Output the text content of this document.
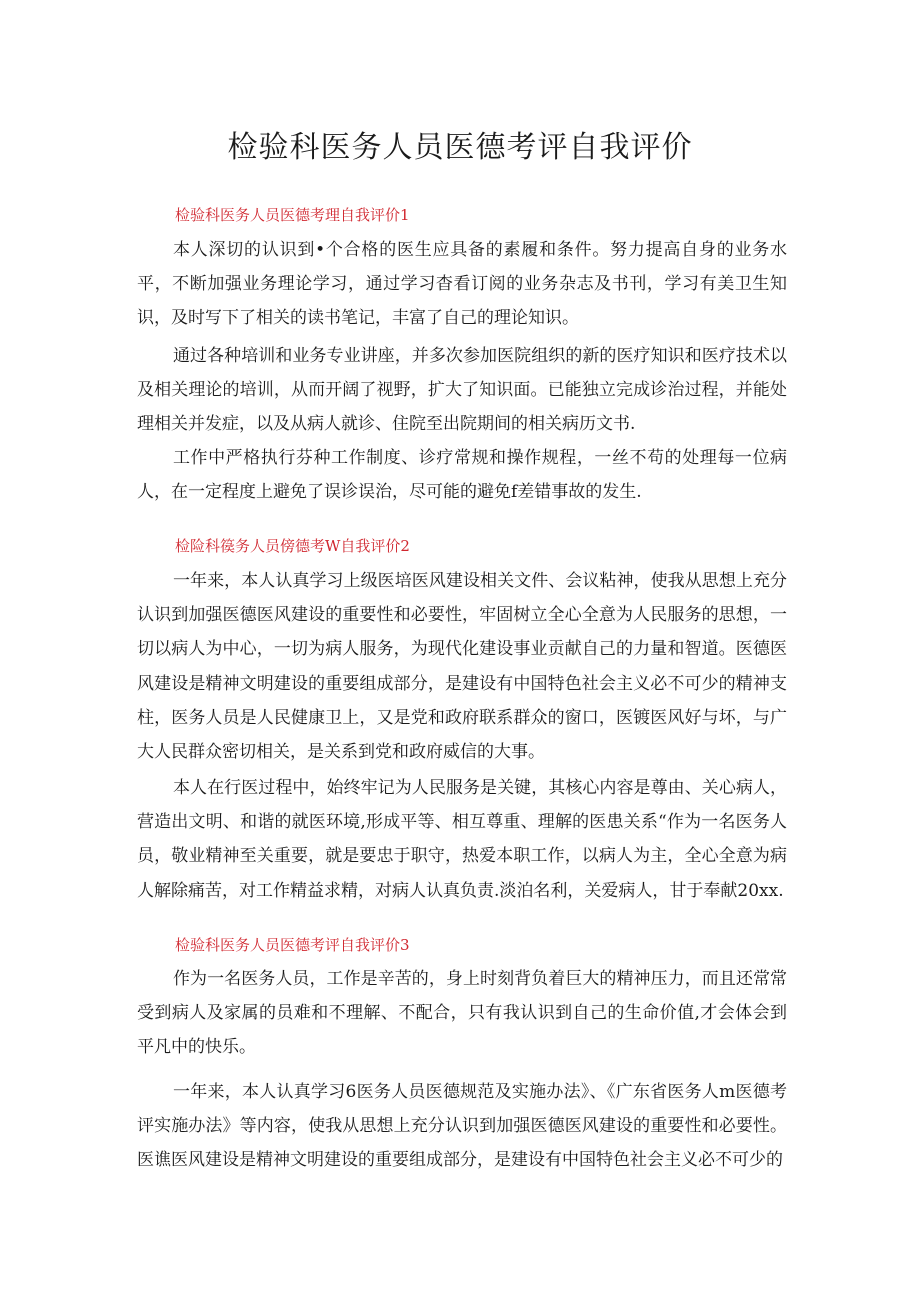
检验科医务人员医德考评自我评价

检验科医务人员医德考理自我评价1

本人深切的认识到•个合格的医生应具备的素履和条件。努力提高自身的业务水平，不断加强业务理论学习，通过学习杳看订阅的业务杂志及书刊，学习有美卫生知识，及时写下了相关的读书笔记，丰富了自己的理论知识。

通过各种培训和业务专业讲座，并多次参加医院组织的新的医疗知识和医疗技术以及相关理论的培训，从而开阔了视野，扩大了知识面。已能独立完成诊治过程，并能处理相关并发症，以及从病人就诊、住院至出院期间的相关病历文书.

工作中严格执行芬种工作制度、诊疗常规和操作规程，一丝不苟的处理每一位病人，在一定程度上避免了误诊误治，尽可能的避免f差错事故的发生.

检险科篌务人员傍德考W自我评价2

一年来，本人认真学习上级医培医风建设相关文件、会议粘神，使我从思想上充分认识到加强医德医风建设的重要性和必要性，牢固树立全心全意为人民服务的思想，一切以病人为中心，一切为病人服务，为现代化建设事业贡献自己的力量和智道。医德医风建设是精神文明建设的重要组成部分，是建设有中国特色社会主义必不可少的精神支柱，医务人员是人民健康卫上，又是党和政府联系群众的窗口，医镀医风好与坏，与广大人民群众密切相关，是关系到党和政府威信的大事。

本人在行医过程中，始终牢记为人民服务是关键，其核心内容是尊由、关心病人，营造出文明、和谐的就医环境,形成平等、相互尊重、理解的医患关系“作为一名医务人员，敬业精神至关重要，就是要忠于职守，热爱本职工作，以病人为主，全心全意为病人解除痛苦，对工作精益求精，对病人认真负责.淡泊名利，关爱病人，甘于奉献20xx.

检验科医务人员医德考评自我评价3

作为一名医务人员，工作是辛苦的，身上时刻背负着巨大的精神压力，而且还常常受到病人及家属的员难和不理解、不配合，只有我认识到自己的生命价值,才会体会到平凡中的快乐。

一年来，本人认真学习6医务人员医德规范及实施办法》、《广东省医务人m医德考评实施办法》等内容，使我从思想上充分认识到加强医德医风建设的重要性和必要性。医谯医风建设是精神文明建设的重要组成部分，是建设有中国特色社会主义必不可少的
